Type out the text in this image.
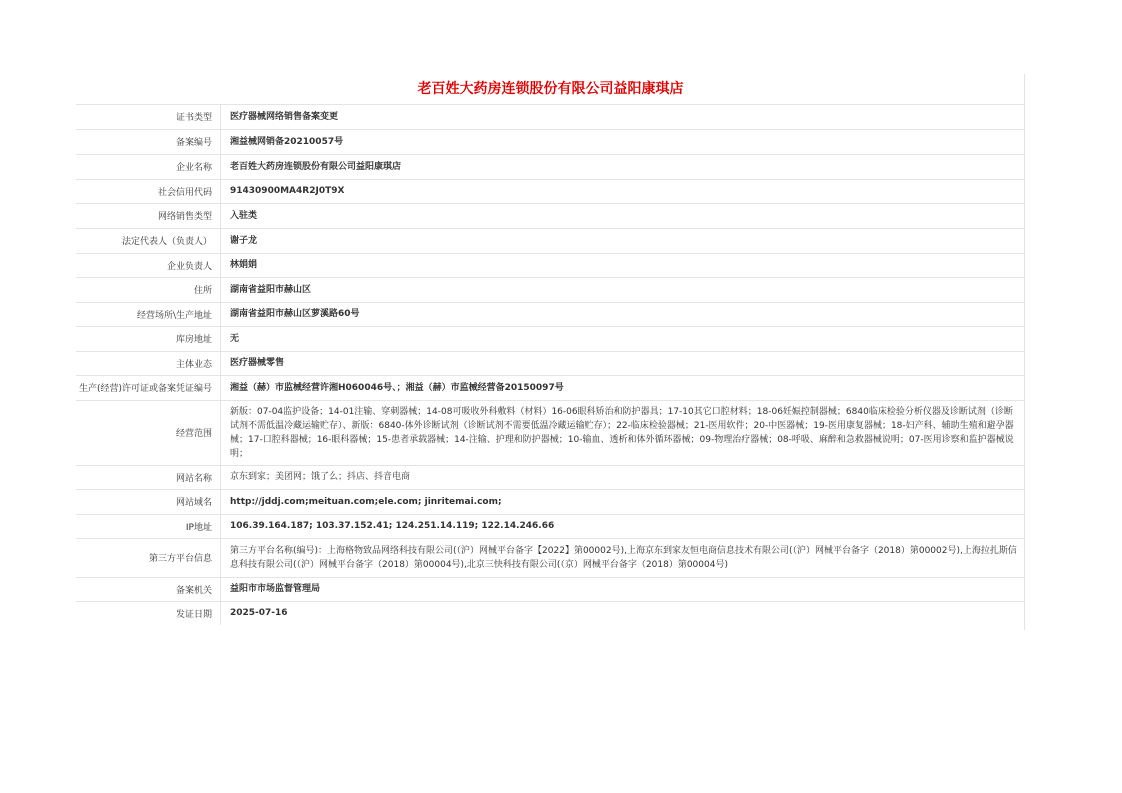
老百姓大药房连锁股份有限公司益阳康琪店
证书类型	医疗器械网络销售备案变更
备案编号	湘益械网销备20210057号
企业名称	老百姓大药房连锁股份有限公司益阳康琪店
社会信用代码	91430900MA4R2J0T9X
网络销售类型	入驻类
法定代表人（负责人）	谢子龙
企业负责人	林娟娟
住所	湖南省益阳市赫山区
经营场所\生产地址	湖南省益阳市赫山区萝溪路60号
库房地址	无
主体业态	医疗器械零售
生产(经营)许可证或备案凭证编号	湘益（赫）市监械经营许湘H060046号、；湘益（赫）市监械经营备20150097号
经营范围	新版：07-04监护设备；14-01注输、穿刺器械；14-08可吸收外科敷料（材料）16-06眼科矫治和防护器具；17-10其它口腔材料；18-06妊娠控制器械；6840临床检验分析仪器及诊断试剂（诊断试剂不需低温冷藏运输贮存）、新版：6840-体外诊断试剂（诊断试剂不需要低温冷藏运输贮存）；22-临床检验器械；21-医用软件；20-中医器械；19-医用康复器械；18-妇产科、辅助生殖和避孕器械；17-口腔科器械；16-眼科器械；15-患者承载器械；14-注输、护理和防护器械；10-输血、透析和体外循环器械；09-物理治疗器械；08-呼吸、麻醉和急救器械说明；07-医用诊察和监护器械说明；
网站名称	京东到家；美团网；饿了么；抖店、抖音电商
网站域名	http://jddj.com;meituan.com;ele.com; jinritemai.com;
IP地址	106.39.164.187; 103.37.152.41; 124.251.14.119; 122.14.246.66
第三方平台信息	第三方平台名称(编号)：上海格物致品网络科技有限公司(（沪）网械平台备字【2022】第00002号),上海京东到家友恒电商信息技术有限公司(（沪）网械平台备字（2018）第00002号),上海拉扎斯信息科技有限公司(（沪）网械平台备字（2018）第00004号),北京三快科技有限公司(（京）网械平台备字（2018）第00004号)
备案机关	益阳市市场监督管理局
发证日期	2025-07-16
